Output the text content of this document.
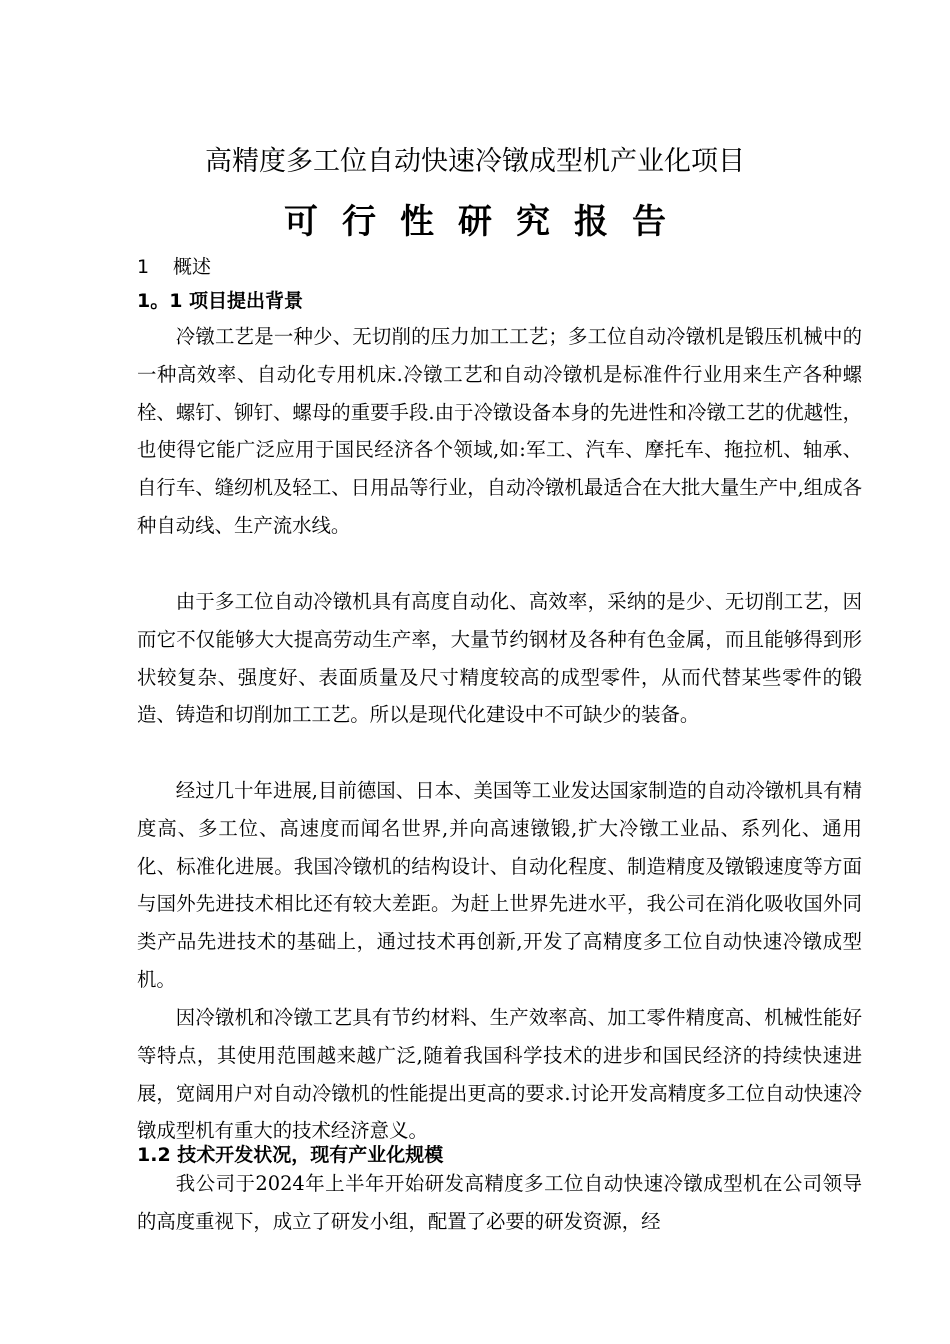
高精度多工位自动快速冷镦成型机产业化项目
可行性研究报告
1 概述
1。1 项目提出背景

冷镦工艺是一种少、无切削的压力加工工艺；多工位自动冷镦机是锻压机械中的一种高效率、自动化专用机床.冷镦工艺和自动冷镦机是标准件行业用来生产各种螺栓、螺钉、铆钉、螺母的重要手段.由于冷镦设备本身的先进性和冷镦工艺的优越性，也使得它能广泛应用于国民经济各个领域,如:军工、汽车、摩托车、拖拉机、轴承、自行车、缝纫机及轻工、日用品等行业，自动冷镦机最适合在大批大量生产中,组成各种自动线、生产流水线。

由于多工位自动冷镦机具有高度自动化、高效率，采纳的是少、无切削工艺，因而它不仅能够大大提高劳动生产率，大量节约钢材及各种有色金属，而且能够得到形状较复杂、强度好、表面质量及尺寸精度较高的成型零件，从而代替某些零件的锻造、铸造和切削加工工艺。所以是现代化建设中不可缺少的装备。

经过几十年进展,目前德国、日本、美国等工业发达国家制造的自动冷镦机具有精度高、多工位、高速度而闻名世界,并向高速镦锻,扩大冷镦工业品、系列化、通用化、标准化进展。我国冷镦机的结构设计、自动化程度、制造精度及镦锻速度等方面与国外先进技术相比还有较大差距。为赶上世界先进水平，我公司在消化吸收国外同类产品先进技术的基础上，通过技术再创新,开发了高精度多工位自动快速冷镦成型机。

因冷镦机和冷镦工艺具有节约材料、生产效率高、加工零件精度高、机械性能好等特点，其使用范围越来越广泛,随着我国科学技术的进步和国民经济的持续快速进展，宽阔用户对自动冷镦机的性能提出更高的要求.讨论开发高精度多工位自动快速冷镦成型机有重大的技术经济意义。

1.2 技术开发状况，现有产业化规模

我公司于2024年上半年开始研发高精度多工位自动快速冷镦成型机在公司领导的高度重视下，成立了研发小组，配置了必要的研发资源，经
